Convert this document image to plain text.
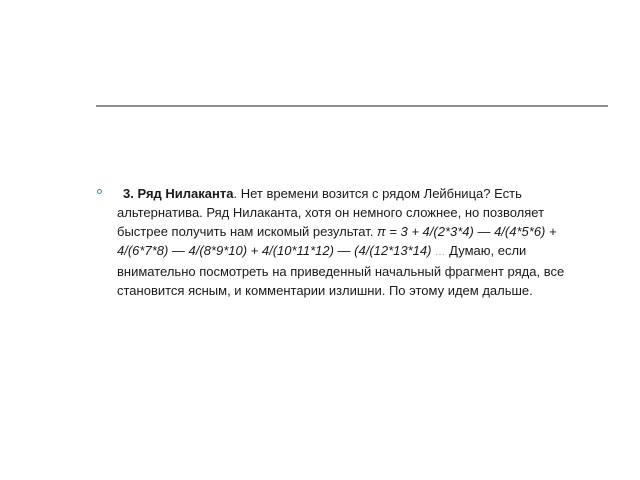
3. Ряд Нилаканта. Нет времени возится с рядом Лейбница? Есть альтернатива. Ряд Нилаканта, хотя он немного сложнее, но позволяет быстрее получить нам искомый результат. π = 3 + 4/(2*3*4) — 4/(4*5*6) + 4/(6*7*8) — 4/(8*9*10) + 4/(10*11*12) — (4/(12*13*14) … Думаю, если внимательно посмотреть на приведенный начальный фрагмент ряда, все становится ясным, и комментарии излишни. По этому идем дальше.
